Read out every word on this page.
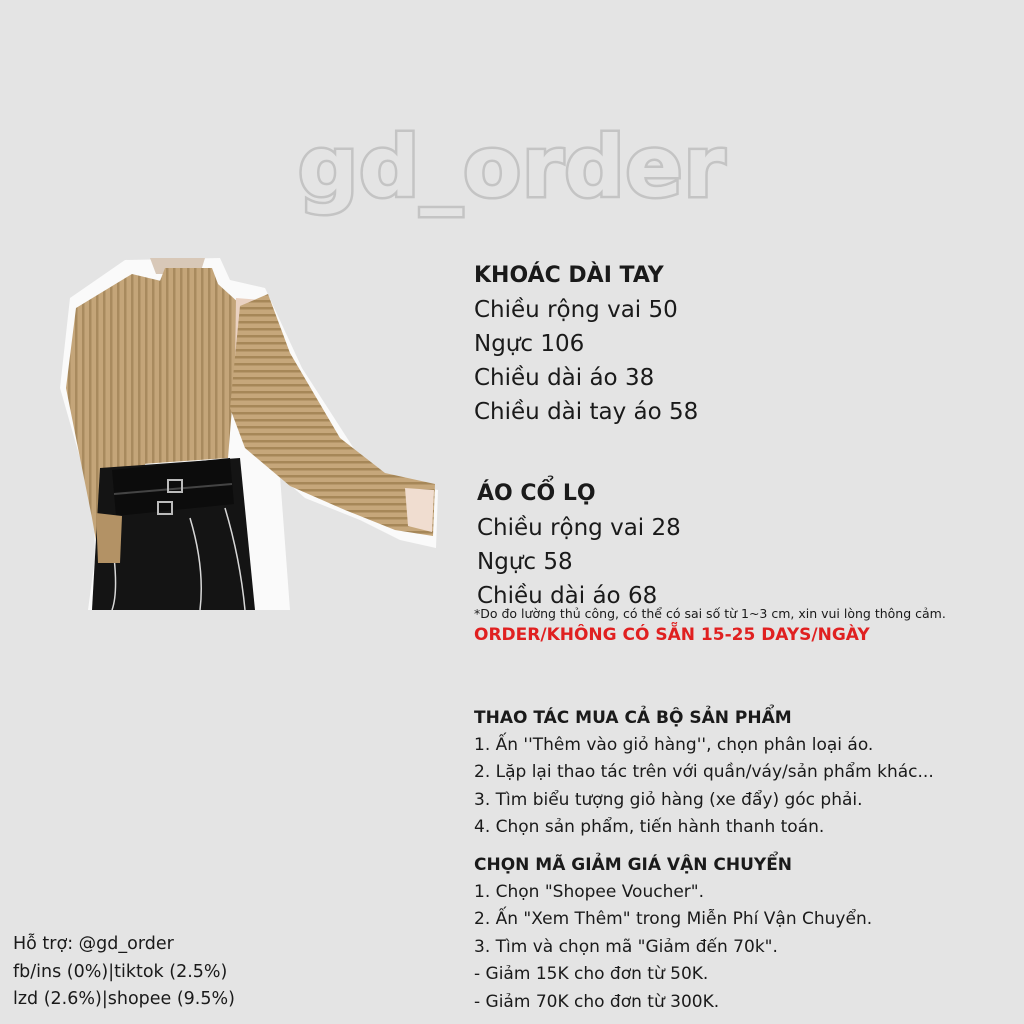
gd_order
KHOÁC DÀI TAY
Chiều rộng vai 50
Ngực 106
Chiều dài áo 38
Chiều dài tay áo 58
ÁO CỔ LỌ
Chiều rộng vai 28
Ngực 58
Chiều dài áo 68
*Do đo lường thủ công, có thể có sai số từ 1~3 cm, xin vui lòng thông cảm.
ORDER/KHÔNG CÓ SẴN 15-25 DAYS/NGÀY
THAO TÁC MUA CẢ BỘ SẢN PHẨM
1. Ấn ''Thêm vào giỏ hàng'', chọn phân loại áo.
2. Lặp lại thao tác trên với quần/váy/sản phẩm khác...
3. Tìm biểu tượng giỏ hàng (xe đẩy) góc phải.
4. Chọn sản phẩm, tiến hành thanh toán.
CHỌN MÃ GIẢM GIÁ VẬN CHUYỂN
1. Chọn "Shopee Voucher".
2. Ấn "Xem Thêm" trong Miễn Phí Vận Chuyển.
3. Tìm và chọn mã "Giảm đến 70k".
- Giảm 15K cho đơn từ 50K.
- Giảm 70K cho đơn từ 300K.
Hỗ trợ: @gd_order
fb/ins (0%)|tiktok (2.5%)
lzd (2.6%)|shopee (9.5%)
